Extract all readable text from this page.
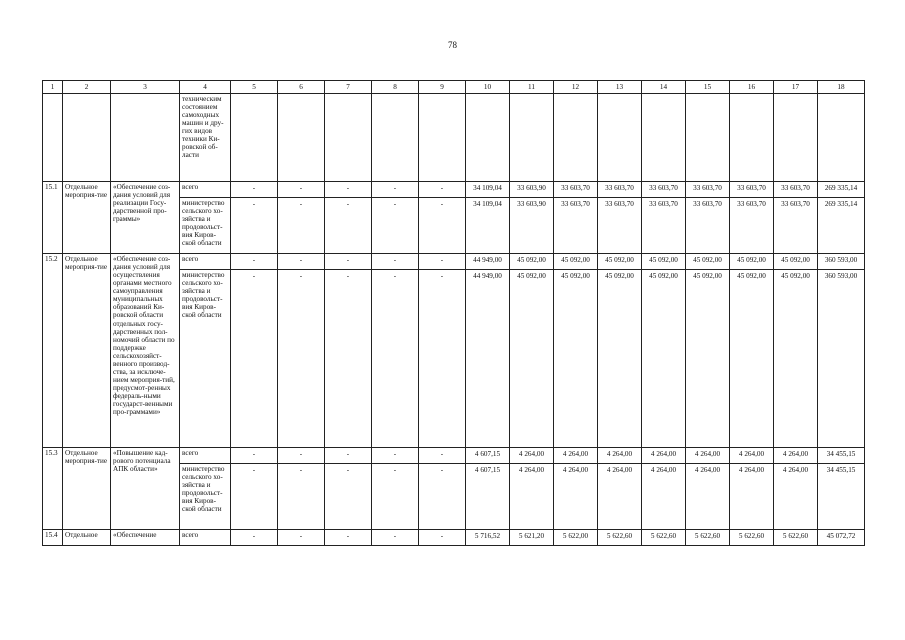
78
1	2	3	4	5	6	7	8	9	10	11	12	13	14	15	16	17	18
			техническим состоянием самоходных машин и дру-гих видов техники Ки-ровской об-ласти														
15.1	Отдельное мероприя-тие	«Обеспечение соз-дания условий для реализации Госу-дарственной про-граммы»	всего	-	-	-	-	-	34 109,04	33 603,90	33 603,70	33 603,70	33 603,70	33 603,70	33 603,70	33 603,70	269 335,14
			министерство сельского хо-зяйства и продовольст-вия Киров-ской области	-	-	-	-	-	34 109,04	33 603,90	33 603,70	33 603,70	33 603,70	33 603,70	33 603,70	33 603,70	269 335,14
15.2	Отдельное мероприя-тие	«Обеспечение соз-дания условий для осуществления органами местного самоуправления муниципальных образований Ки-ровской области отдельных госу-дарственных пол-номочий области по поддержке сельскохозяйст-венного производ-ства, за исключе-нием мероприя-тий, предусмот-ренных федераль-ными государст-венными про-граммами»	всего	-	-	-	-	-	44 949,00	45 092,00	45 092,00	45 092,00	45 092,00	45 092,00	45 092,00	45 092,00	360 593,00
			министерство сельского хо-зяйства и продовольст-вия Киров-ской области	-	-	-	-	-	44 949,00	45 092,00	45 092,00	45 092,00	45 092,00	45 092,00	45 092,00	45 092,00	360 593,00
15.3	Отдельное мероприя-тие	«Повышение кад-рового потенциала АПК области»	всего	-	-	-	-	-	4 607,15	4 264,00	4 264,00	4 264,00	4 264,00	4 264,00	4 264,00	4 264,00	34 455,15
			министерство сельского хо-зяйства и продовольст-вия Киров-ской области	-	-	-	-	-	4 607,15	4 264,00	4 264,00	4 264,00	4 264,00	4 264,00	4 264,00	4 264,00	34 455,15
15.4	Отдельное	«Обеспечение	всего	-	-	-	-	-	5 716,52	5 621,20	5 622,00	5 622,60	5 622,60	5 622,60	5 622,60	5 622,60	45 072,72
